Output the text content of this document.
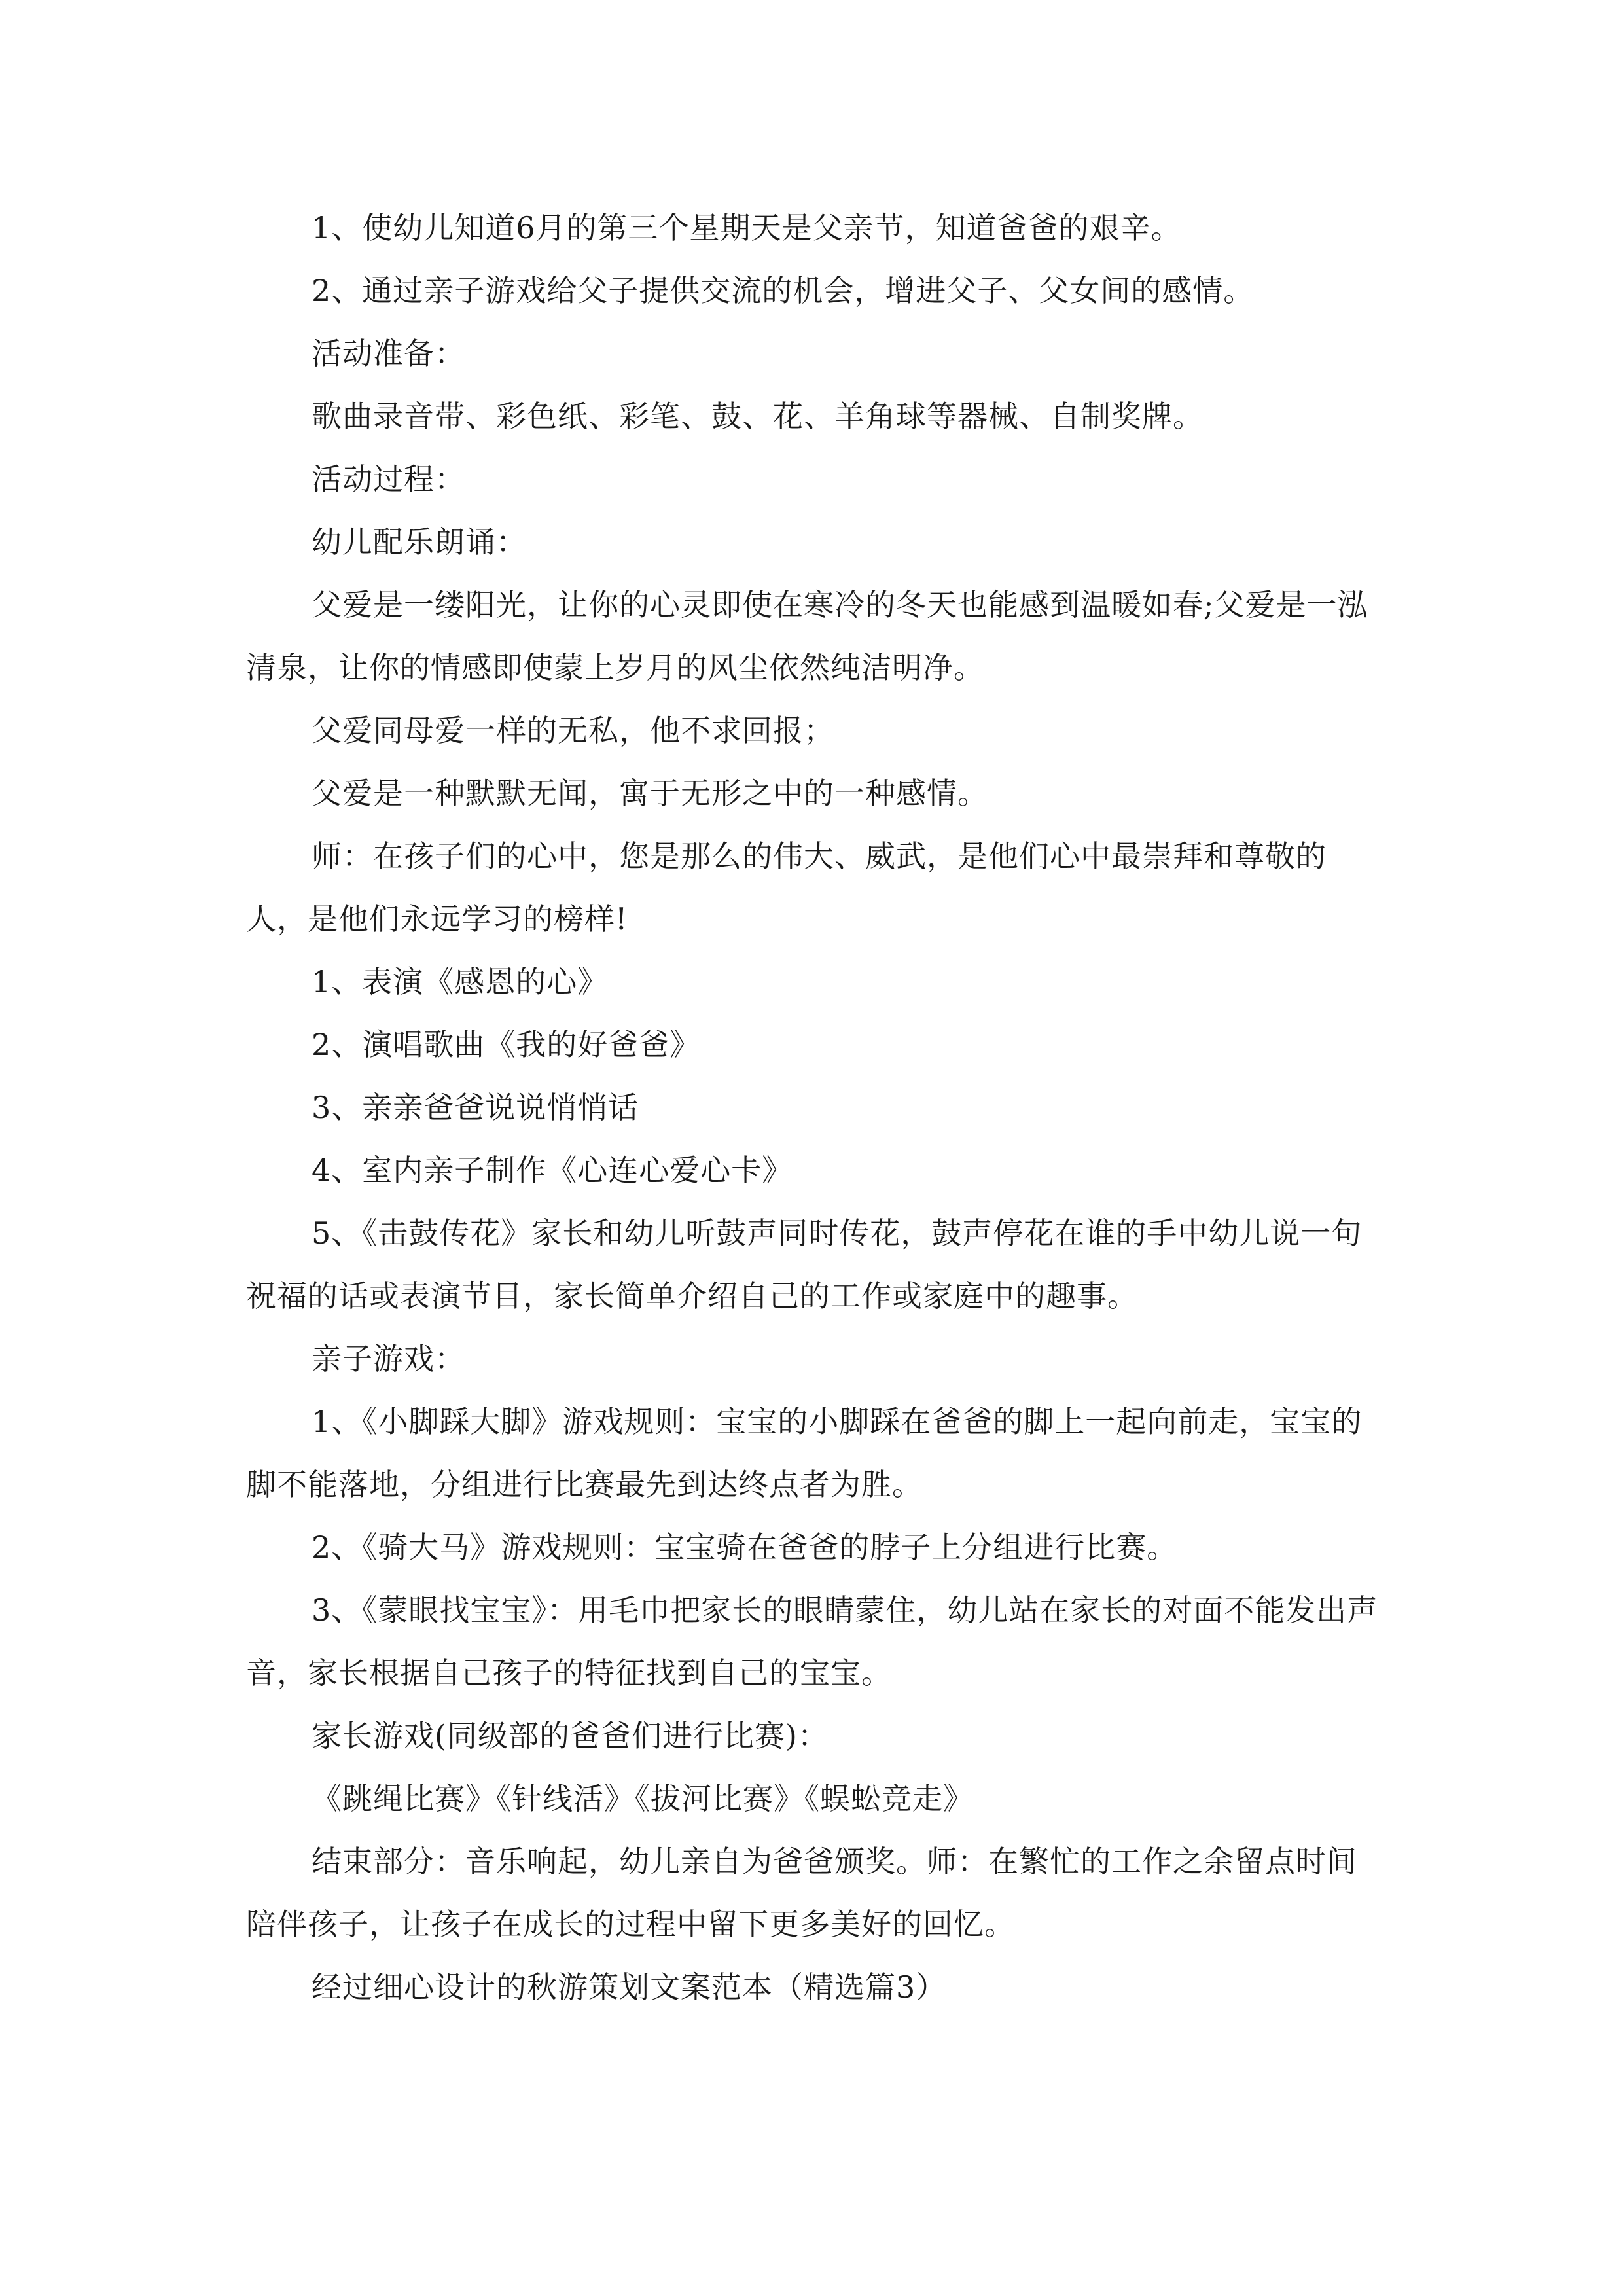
1、使幼儿知道6月的第三个星期天是父亲节，知道爸爸的艰辛。

2、通过亲子游戏给父子提供交流的机会，增进父子、父女间的感情。

活动准备：

歌曲录音带、彩色纸、彩笔、鼓、花、羊角球等器械、自制奖牌。

活动过程：

幼儿配乐朗诵：

父爱是一缕阳光，让你的心灵即使在寒冷的冬天也能感到温暖如春;父爱是一泓清泉，让你的情感即使蒙上岁月的风尘依然纯洁明净。

父爱同母爱一样的无私，他不求回报；

父爱是一种默默无闻，寓于无形之中的一种感情。

师：在孩子们的心中，您是那么的伟大、威武，是他们心中最崇拜和尊敬的人，是他们永远学习的榜样!

1、表演《感恩的心》

2、演唱歌曲《我的好爸爸》

3、亲亲爸爸说说悄悄话

4、室内亲子制作《心连心爱心卡》

5、《击鼓传花》家长和幼儿听鼓声同时传花，鼓声停花在谁的手中幼儿说一句祝福的话或表演节目，家长简单介绍自己的工作或家庭中的趣事。

亲子游戏：

1、《小脚踩大脚》游戏规则：宝宝的小脚踩在爸爸的脚上一起向前走，宝宝的脚不能落地，分组进行比赛最先到达终点者为胜。

2、《骑大马》游戏规则：宝宝骑在爸爸的脖子上分组进行比赛。

3、《蒙眼找宝宝》：用毛巾把家长的眼睛蒙住，幼儿站在家长的对面不能发出声音，家长根据自己孩子的特征找到自己的宝宝。

家长游戏(同级部的爸爸们进行比赛)：

《跳绳比赛》《针线活》《拔河比赛》《蜈蚣竞走》

结束部分：音乐响起，幼儿亲自为爸爸颁奖。师：在繁忙的工作之余留点时间陪伴孩子，让孩子在成长的过程中留下更多美好的回忆。

经过细心设计的秋游策划文案范本（精选篇3）
